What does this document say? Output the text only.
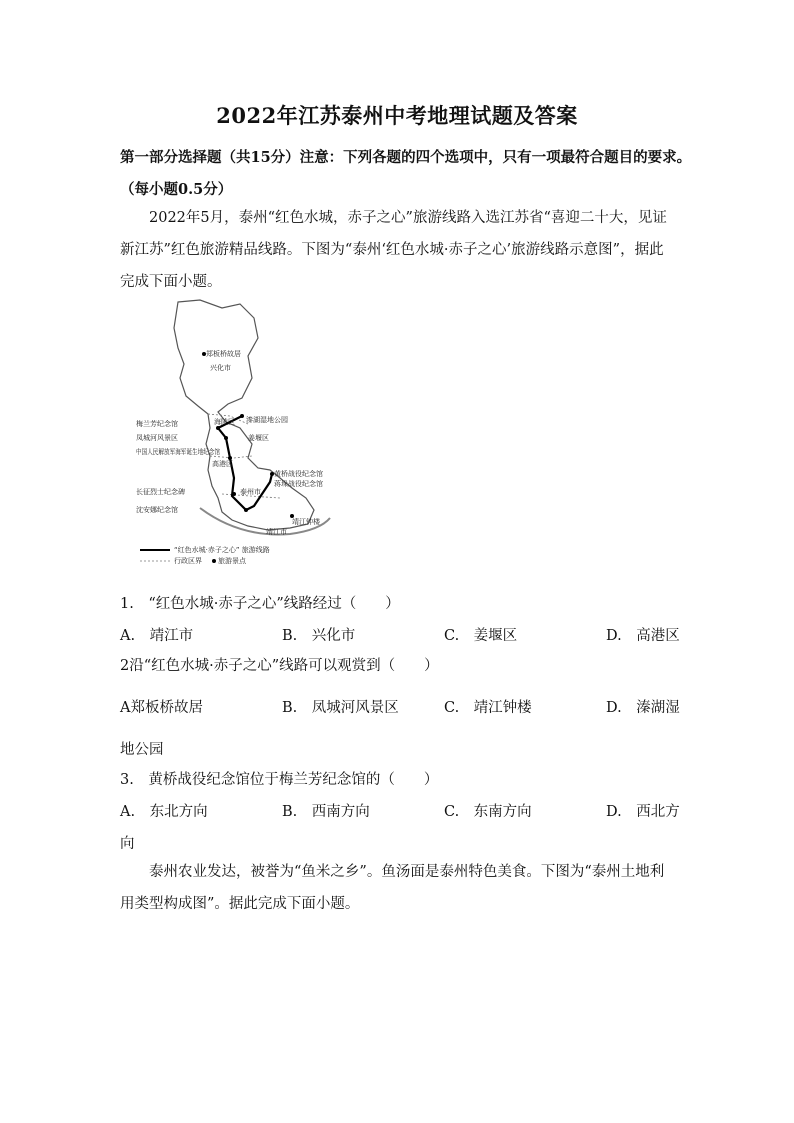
2022年江苏泰州中考地理试题及答案
第一部分选择题（共15分）注意：下列各题的四个选项中，只有一项最符合题目的要求。
（每小题0.5分）
2022年5月，泰州“红色水城，赤子之心”旅游线路入选江苏省“喜迎二十大，见证新江苏”红色旅游精品线路。下图为“泰州‘红色水城·赤子之心’旅游线路示意图”，据此完成下面小题。
郑板桥故居
兴化市
溱湖湿地公园
姜堰区
梅兰芳纪念馆
凤城河风景区
中国人民解放军海军诞生地纪念馆
海陵区
高港区
泰州市
黄桥战役纪念馆
蒋垛战役纪念馆
长征烈士纪念碑
靖江钟楼
靖江市
沈安娜纪念馆
“红色水城·赤子之心” 旅游线路
行政区界 旅游景点
1.　“红色水城·赤子之心”线路经过（　　）
A.　靖江市	B.　兴化市	C.　姜堰区	D.　高港区
2沿“红色水城·赤子之心”线路可以观赏到（　　）
A郑板桥故居	B.　凤城河风景区	C.　靖江钟楼	D.　溱湖湿
地公园
3.　黄桥战役纪念馆位于梅兰芳纪念馆的（　　）
A.　东北方向	B.　西南方向	C.　东南方向	D.　西北方
向
泰州农业发达，被誉为“鱼米之乡”。鱼汤面是泰州特色美食。下图为“泰州土地利用类型构成图”。据此完成下面小题。
